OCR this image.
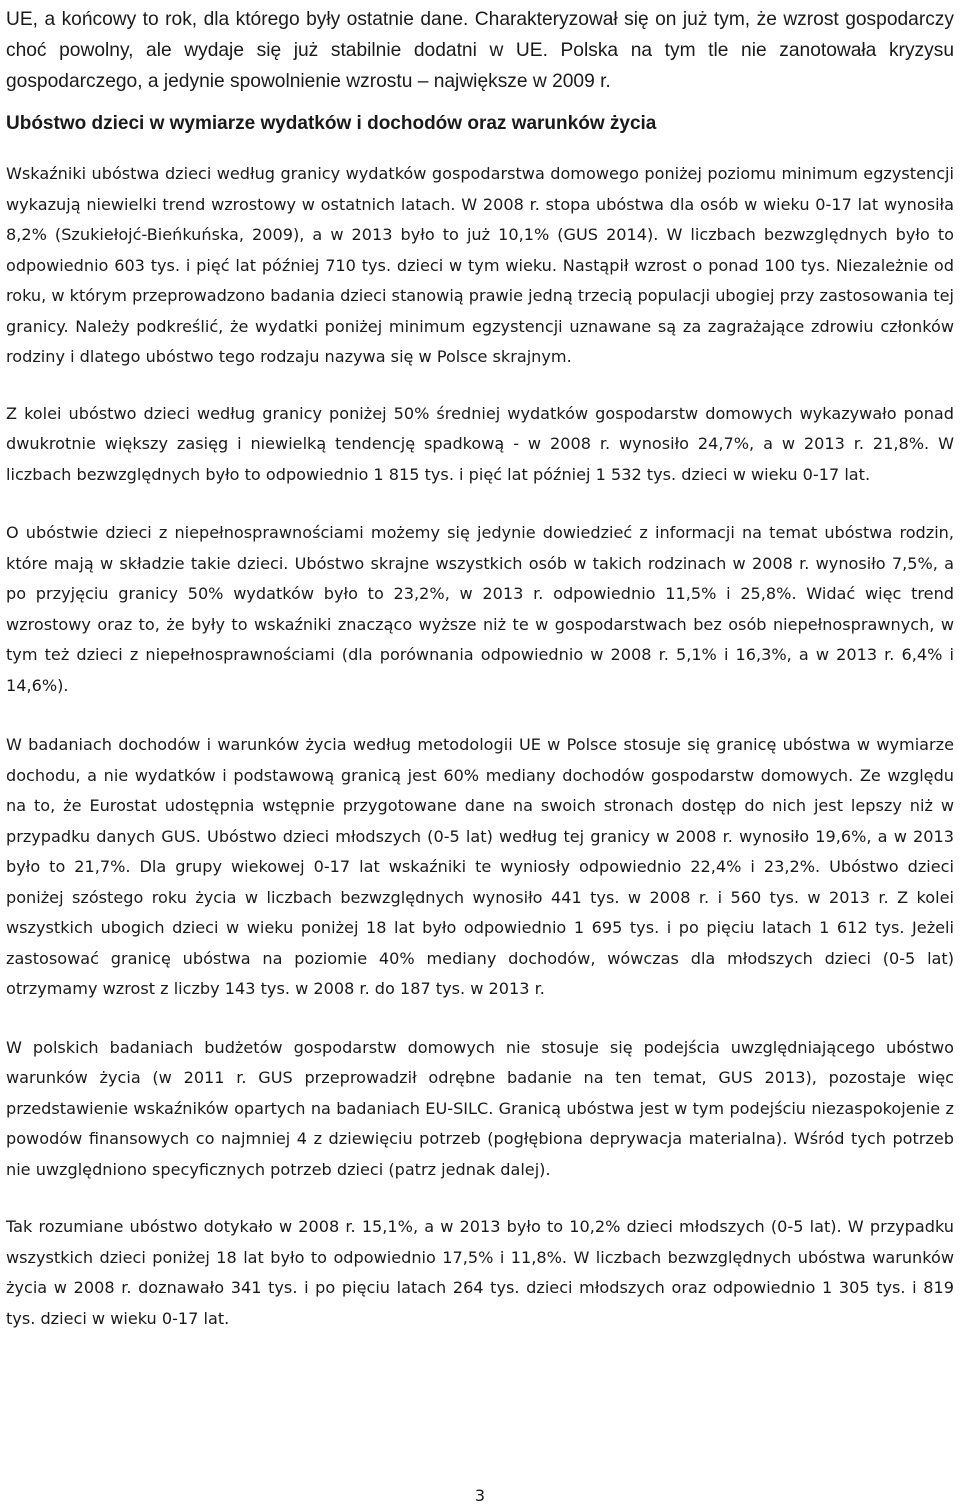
UE, a końcowy to rok, dla którego były ostatnie dane. Charakteryzował się on już tym, że wzrost gospodarczy choć powolny, ale wydaje się już stabilnie dodatni w UE. Polska na tym tle nie zanotowała kryzysu gospodarczego, a jedynie spowolnienie wzrostu – największe w 2009 r.

Ubóstwo dzieci w wymiarze wydatków i dochodów oraz warunków życia

Wskaźniki ubóstwa dzieci według granicy wydatków gospodarstwa domowego poniżej poziomu minimum egzystencji wykazują niewielki trend wzrostowy w ostatnich latach. W 2008 r. stopa ubóstwa dla osób w wieku 0-17 lat wynosiła 8,2% (Szukiełojć-Bieńkuńska, 2009), a w 2013 było to już 10,1% (GUS 2014). W liczbach bezwzględnych było to odpowiednio 603 tys. i pięć lat później 710 tys. dzieci w tym wieku. Nastąpił wzrost o ponad 100 tys. Niezależnie od roku, w którym przeprowadzono badania dzieci stanowią prawie jedną trzecią populacji ubogiej przy zastosowania tej granicy. Należy podkreślić, że wydatki poniżej minimum egzystencji uznawane są za zagrażające zdrowiu członków rodziny i dlatego ubóstwo tego rodzaju nazywa się w Polsce skrajnym.

Z kolei ubóstwo dzieci według granicy poniżej 50% średniej wydatków gospodarstw domowych wykazywało ponad dwukrotnie większy zasięg i niewielką tendencję spadkową - w 2008 r. wynosiło 24,7%, a w 2013 r. 21,8%. W liczbach bezwzględnych było to odpowiednio 1 815 tys. i pięć lat później 1 532 tys. dzieci w wieku 0-17 lat.

O ubóstwie dzieci z niepełnosprawnościami możemy się jedynie dowiedzieć z informacji na temat ubóstwa rodzin, które mają w składzie takie dzieci. Ubóstwo skrajne wszystkich osób w takich rodzinach w 2008 r. wynosiło 7,5%, a po przyjęciu granicy 50% wydatków było to 23,2%, w 2013 r. odpowiednio 11,5% i 25,8%. Widać więc trend wzrostowy oraz to, że były to wskaźniki znacząco wyższe niż te w gospodarstwach bez osób niepełnosprawnych, w tym też dzieci z niepełnosprawnościami (dla porównania odpowiednio w 2008 r. 5,1% i 16,3%, a w 2013 r. 6,4% i 14,6%).

W badaniach dochodów i warunków życia według metodologii UE w Polsce stosuje się granicę ubóstwa w wymiarze dochodu, a nie wydatków i podstawową granicą jest 60% mediany dochodów gospodarstw domowych. Ze względu na to, że Eurostat udostępnia wstępnie przygotowane dane na swoich stronach dostęp do nich jest lepszy niż w przypadku danych GUS. Ubóstwo dzieci młodszych (0-5 lat) według tej granicy w 2008 r. wynosiło 19,6%, a w 2013 było to 21,7%. Dla grupy wiekowej 0-17 lat wskaźniki te wyniosły odpowiednio 22,4% i 23,2%. Ubóstwo dzieci poniżej szóstego roku życia w liczbach bezwzględnych wynosiło 441 tys. w 2008 r. i 560 tys. w 2013 r. Z kolei wszystkich ubogich dzieci w wieku poniżej 18 lat było odpowiednio 1 695 tys. i po pięciu latach 1 612 tys. Jeżeli zastosować granicę ubóstwa na poziomie 40% mediany dochodów, wówczas dla młodszych dzieci (0-5 lat) otrzymamy wzrost z liczby 143 tys. w 2008 r. do 187 tys. w 2013 r.

W polskich badaniach budżetów gospodarstw domowych nie stosuje się podejścia uwzględniającego ubóstwo warunków życia (w 2011 r. GUS przeprowadził odrębne badanie na ten temat, GUS 2013), pozostaje więc przedstawienie wskaźników opartych na badaniach EU-SILC. Granicą ubóstwa jest w tym podejściu niezaspokojenie z powodów finansowych co najmniej 4 z dziewięciu potrzeb (pogłębiona deprywacja materialna). Wśród tych potrzeb nie uwzględniono specyficznych potrzeb dzieci (patrz jednak dalej).

Tak rozumiane ubóstwo dotykało w 2008 r. 15,1%, a w 2013 było to 10,2% dzieci młodszych (0-5 lat). W przypadku wszystkich dzieci poniżej 18 lat było to odpowiednio 17,5% i 11,8%. W liczbach bezwzględnych ubóstwa warunków życia w 2008 r. doznawało 341 tys. i po pięciu latach 264 tys. dzieci młodszych oraz odpowiednio 1 305 tys. i 819 tys. dzieci w wieku 0-17 lat.

3
